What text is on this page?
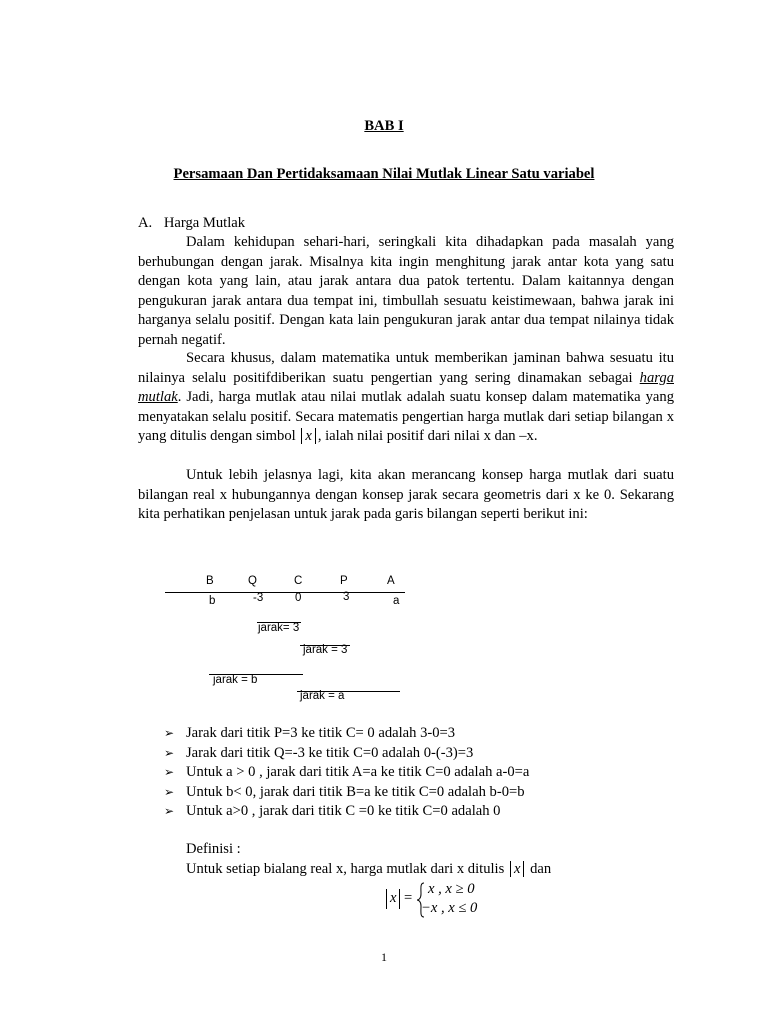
BAB I
Persamaan Dan Pertidaksamaan Nilai Mutlak Linear Satu variabel
A. Harga Mutlak

Dalam kehidupan sehari-hari, seringkali kita dihadapkan pada masalah yang berhubungan dengan jarak. Misalnya kita ingin menghitung jarak antar kota yang satu dengan kota yang lain, atau jarak antara dua patok tertentu. Dalam kaitannya dengan pengukuran jarak antara dua tempat ini, timbullah sesuatu keistimewaan, bahwa jarak ini harganya selalu positif. Dengan kata lain pengukuran jarak antar dua tempat nilainya tidak pernah negatif.

Secara khusus, dalam matematika untuk memberikan jaminan bahwa sesuatu itu nilainya selalu positifdiberikan suatu pengertian yang sering dinamakan sebagai harga mutlak. Jadi, harga mutlak atau nilai mutlak adalah suatu konsep dalam matematika yang menyatakan selalu positif. Secara matematis pengertian harga mutlak dari setiap bilangan x yang ditulis dengan simbol x , ialah nilai positif dari nilai x dan –x.

Untuk lebih jelasnya lagi, kita akan merancang konsep harga mutlak dari suatu bilangan real x hubungannya dengan konsep jarak secara geometris dari x ke 0. Sekarang kita perhatikan penjelasan untuk jarak pada garis bilangan seperti berikut ini:

B	Q	C	P	A
b	-3	0	3	a
jarak= 3
jarak = 3
jarak = b
jarak = a
➢ Jarak dari titik P=3 ke titik C= 0 adalah 3-0=3
➢ Jarak dari titik Q=-3 ke titik C=0 adalah 0-(-3)=3
➢ Untuk a > 0 , jarak dari titik A=a ke titik C=0 adalah a-0=a
➢ Untuk b< 0, jarak dari titik B=a ke titik C=0 adalah b-0=b
➢ Untuk a>0 , jarak dari titik C =0 ke titik C=0 adalah 0
Definisi :
Untuk setiap bialang real x, harga mutlak dari x ditulis x dan
x =
x , x ≥ 0
−x , x ≤ 0
1
